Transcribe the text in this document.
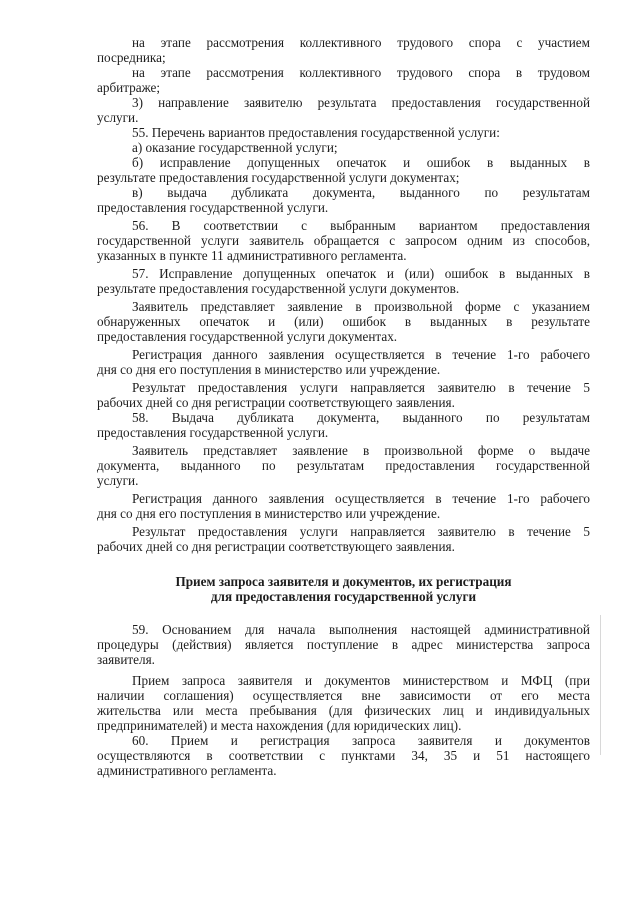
на этапе рассмотрения коллективного трудового спора с участием

посредника;

на этапе рассмотрения коллективного трудового спора в трудовом

арбитраже;

3) направление заявителю результата предоставления государственной

услуги.

55. Перечень вариантов предоставления государственной услуги:

а) оказание государственной услуги;

б) исправление допущенных опечаток и ошибок в выданных в

результате предоставления государственной услуги документах;

в) выдача дубликата документа, выданного по результатам

предоставления государственной услуги.

56. В соответствии с выбранным вариантом предоставления

государственной услуги заявитель обращается с запросом одним из способов,

указанных в пункте 11 административного регламента.

57. Исправление допущенных опечаток и (или) ошибок в выданных в

результате предоставления государственной услуги документов.

Заявитель представляет заявление в произвольной форме с указанием

обнаруженных опечаток и (или) ошибок в выданных в результате

предоставления государственной услуги документах.

Регистрация данного заявления осуществляется в течение 1-го рабочего

дня со дня его поступления в министерство или учреждение.

Результат предоставления услуги направляется заявителю в течение 5

рабочих дней со дня регистрации соответствующего заявления.

58. Выдача дубликата документа, выданного по результатам

предоставления государственной услуги.

Заявитель представляет заявление в произвольной форме о выдаче

документа, выданного по результатам предоставления государственной

услуги.

Регистрация данного заявления осуществляется в течение 1-го рабочего

дня со дня его поступления в министерство или учреждение.

Результат предоставления услуги направляется заявителю в течение 5

рабочих дней со дня регистрации соответствующего заявления.

Прием запроса заявителя и документов, их регистрация
для предоставления государственной услуги

59. Основанием для начала выполнения настоящей административной

процедуры (действия) является поступление в адрес министерства запроса

заявителя.

Прием запроса заявителя и документов министерством и МФЦ (при

наличии соглашения) осуществляется вне зависимости от его места

жительства или места пребывания (для физических лиц и индивидуальных

предпринимателей) и места нахождения (для юридических лиц).

60. Прием и регистрация запроса заявителя и документов

осуществляются в соответствии с пунктами 34, 35 и 51 настоящего

административного регламента.
